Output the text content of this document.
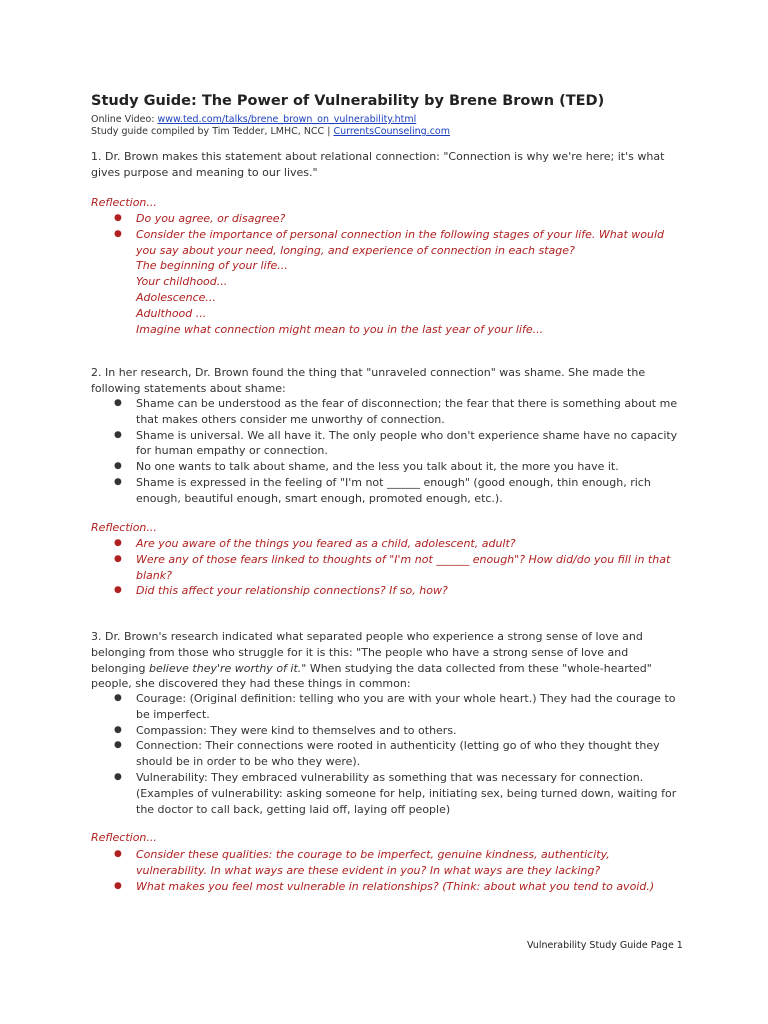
Study Guide: The Power of Vulnerability by Brene Brown (TED)
Online Video: www.ted.com/talks/brene_brown_on_vulnerability.html
Study guide compiled by Tim Tedder, LMHC, NCC | CurrentsCounseling.com
1. Dr. Brown makes this statement about relational connection: "Connection is why we're here; it's what gives purpose and meaning to our lives."
Reflection...
● Do you agree, or disagree?
● Consider the importance of personal connection in the following stages of your life. What would you say about your need, longing, and experience of connection in each stage?
The beginning of your life...
Your childhood...
Adolescence...
Adulthood ...
Imagine what connection might mean to you in the last year of your life...
2. In her research, Dr. Brown found the thing that "unraveled connection" was shame. She made the following statements about shame:
● Shame can be understood as the fear of disconnection; the fear that there is something about me that makes others consider me unworthy of connection.
● Shame is universal. We all have it. The only people who don't experience shame have no capacity for human empathy or connection.
● No one wants to talk about shame, and the less you talk about it, the more you have it.
● Shame is expressed in the feeling of "I'm not ______ enough" (good enough, thin enough, rich enough, beautiful enough, smart enough, promoted enough, etc.).
Reflection...
● Are you aware of the things you feared as a child, adolescent, adult?
● Were any of those fears linked to thoughts of "I'm not ______ enough"? How did/do you fill in that blank?
● Did this affect your relationship connections? If so, how?
3. Dr. Brown's research indicated what separated people who experience a strong sense of love and belonging from those who struggle for it is this: "The people who have a strong sense of love and belonging believe they're worthy of it." When studying the data collected from these "whole-hearted" people, she discovered they had these things in common:
● Courage: (Original definition: telling who you are with your whole heart.) They had the courage to be imperfect.
● Compassion: They were kind to themselves and to others.
● Connection: Their connections were rooted in authenticity (letting go of who they thought they should be in order to be who they were).
● Vulnerability: They embraced vulnerability as something that was necessary for connection. (Examples of vulnerability: asking someone for help, initiating sex, being turned down, waiting for the doctor to call back, getting laid off, laying off people)
Reflection...
● Consider these qualities: the courage to be imperfect, genuine kindness, authenticity, vulnerability. In what ways are these evident in you? In what ways are they lacking?
● What makes you feel most vulnerable in relationships? (Think: about what you tend to avoid.)
Vulnerability Study Guide Page 1
